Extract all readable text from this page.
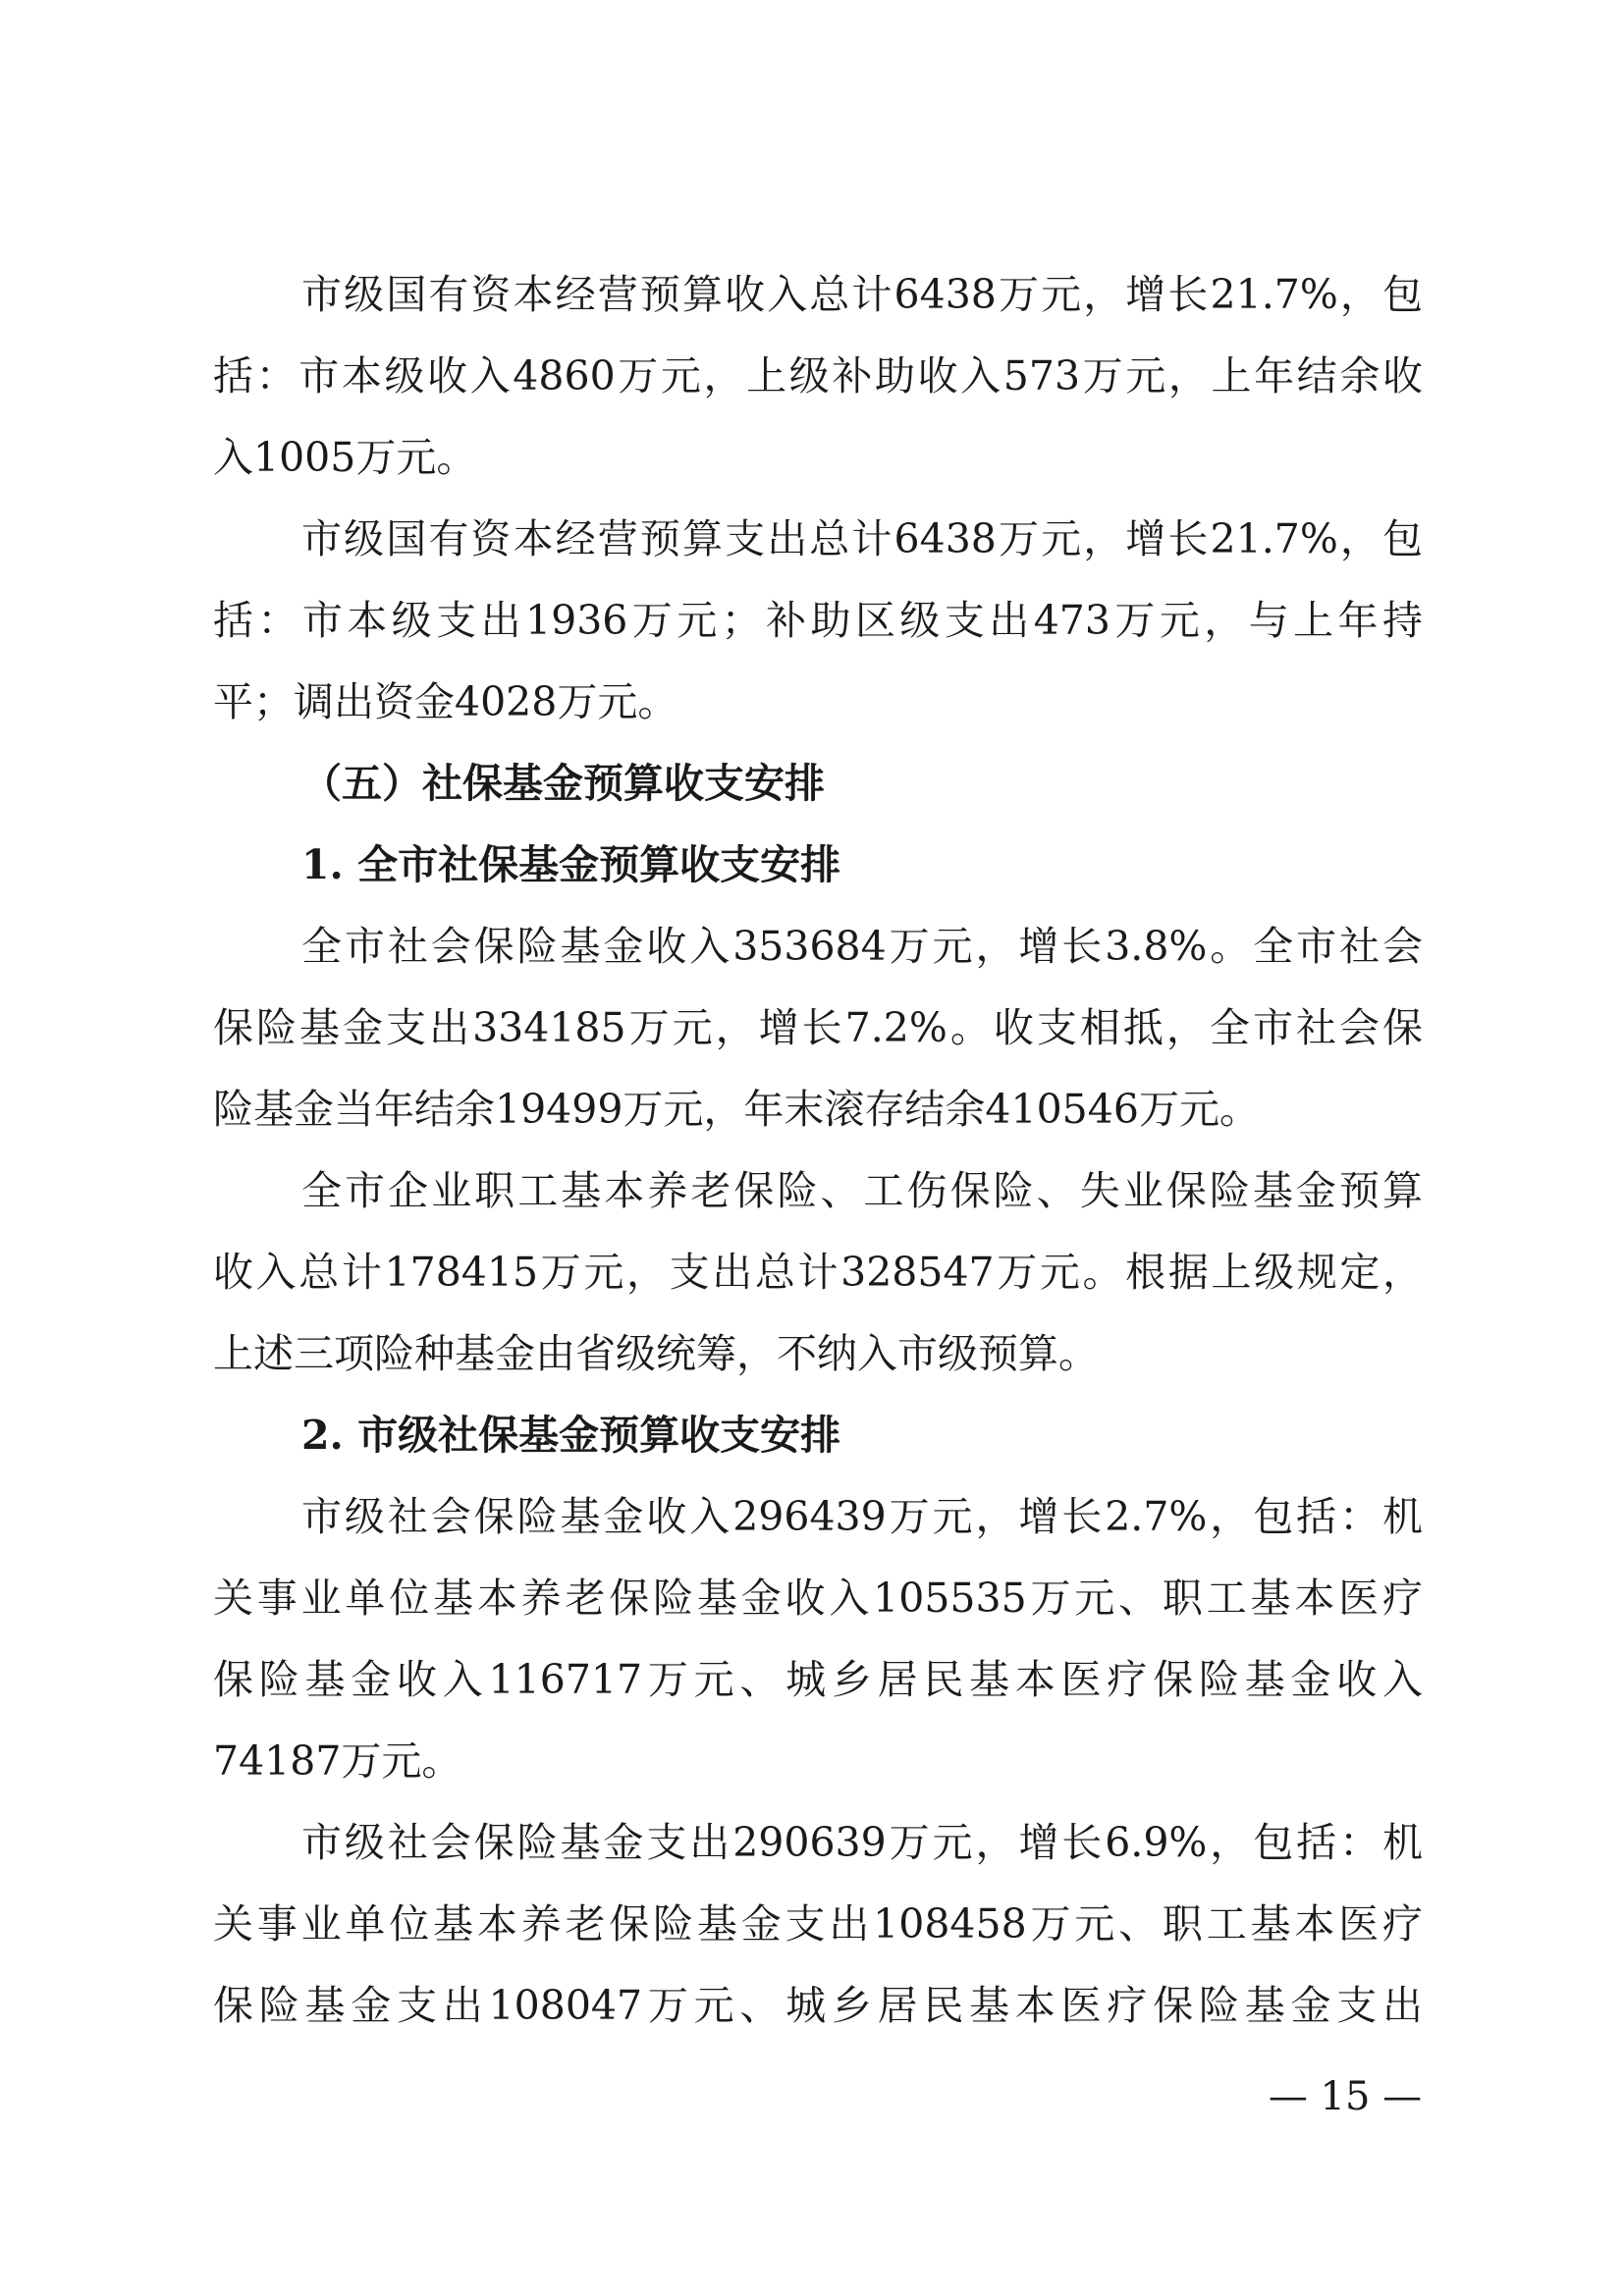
市级国有资本经营预算收入总计6438万元，增长21.7%，包
括：市本级收入4860万元，上级补助收入573万元，上年结余收
入1005万元。
市级国有资本经营预算支出总计6438万元，增长21.7%，包
括：市本级支出1936万元；补助区级支出473万元，与上年持
平；调出资金4028万元。
（五）社保基金预算收支安排
1. 全市社保基金预算收支安排
全市社会保险基金收入353684万元，增长3.8%。全市社会
保险基金支出334185万元，增长7.2%。收支相抵，全市社会保
险基金当年结余19499万元，年末滚存结余410546万元。
全市企业职工基本养老保险、工伤保险、失业保险基金预算
收入总计178415万元，支出总计328547万元。根据上级规定，
上述三项险种基金由省级统筹，不纳入市级预算。
2. 市级社保基金预算收支安排
市级社会保险基金收入296439万元，增长2.7%，包括：机
关事业单位基本养老保险基金收入105535万元、职工基本医疗
保险基金收入116717万元、城乡居民基本医疗保险基金收入
74187万元。
市级社会保险基金支出290639万元，增长6.9%，包括：机
关事业单位基本养老保险基金支出108458万元、职工基本医疗
保险基金支出108047万元、城乡居民基本医疗保险基金支出
— 15 —
